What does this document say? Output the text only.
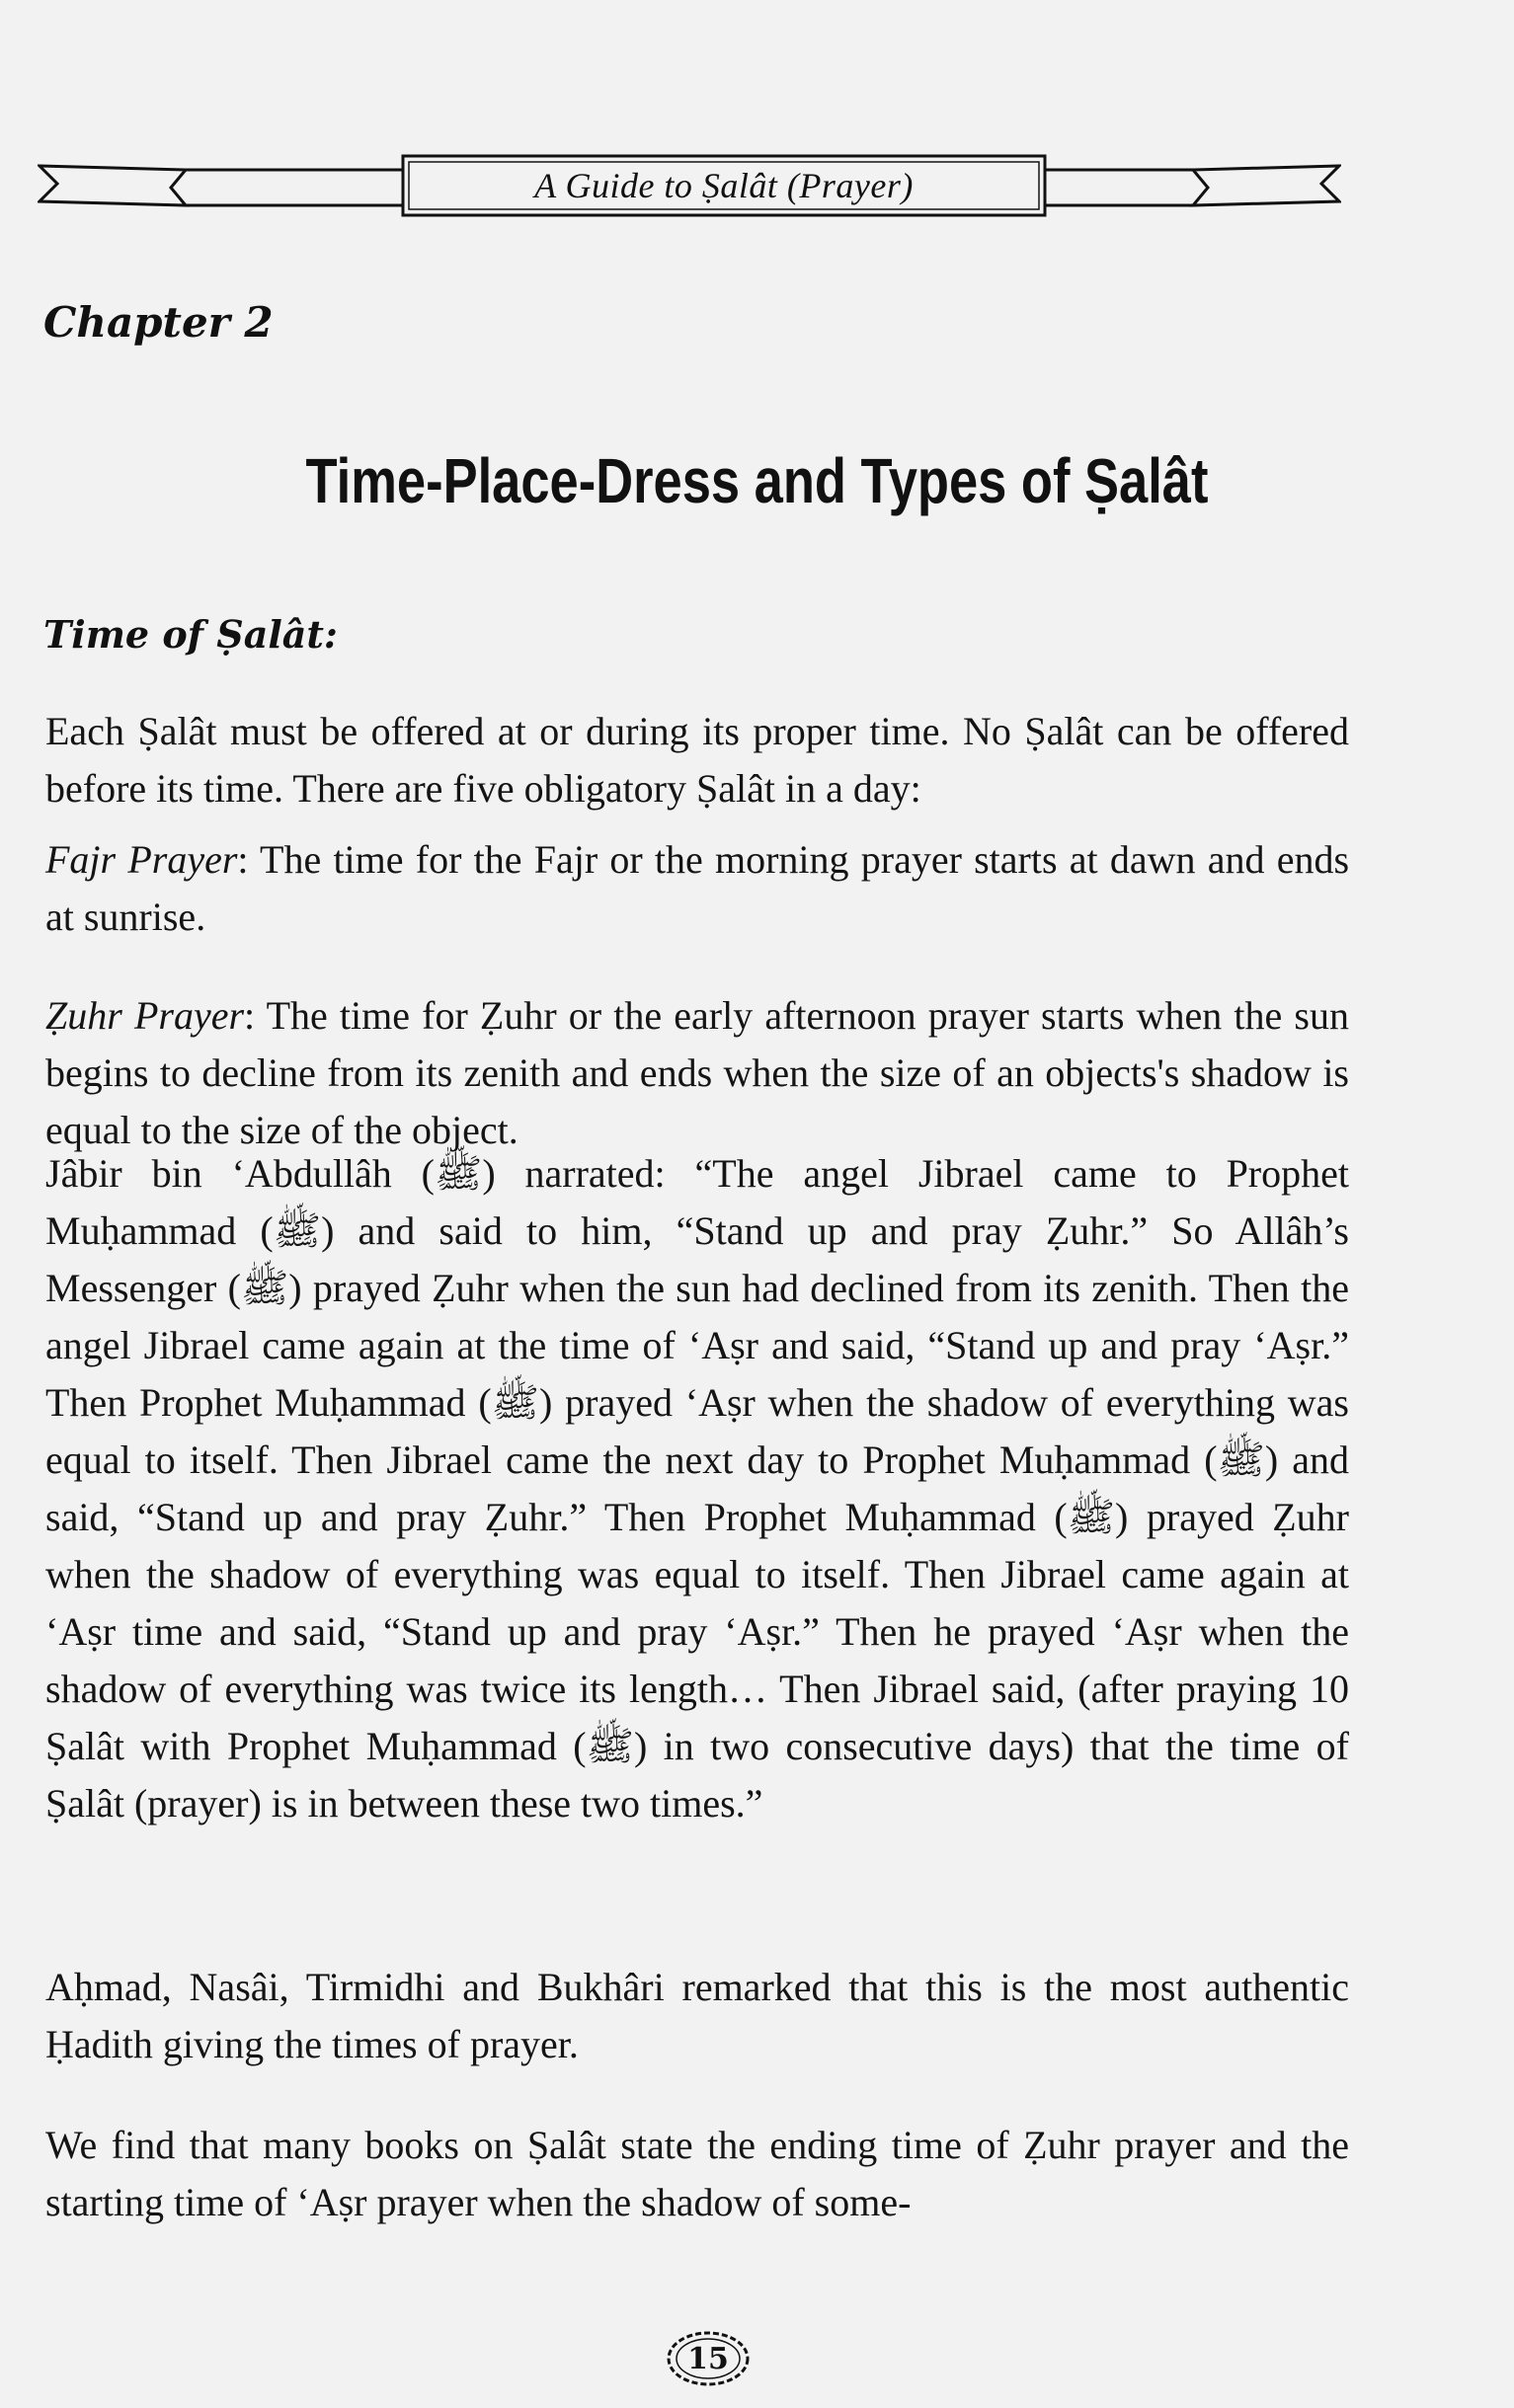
A Guide to Ṣalât (Prayer)
Chapter 2
Time-Place-Dress and Types of Ṣalât
Time of Ṣalât:
Each Ṣalât must be offered at or during its proper time. No Ṣalât can be offered before its time. There are five obligatory Ṣalât in a day:
Fajr Prayer: The time for the Fajr or the morning prayer starts at dawn and ends at sunrise.
Ẓuhr Prayer: The time for Ẓuhr or the early afternoon prayer starts when the sun begins to decline from its zenith and ends when the size of an objects's shadow is equal to the size of the object.
Jâbir bin ‘Abdullâh (ﷺ) narrated: “The angel Jibrael came to Prophet Muḥammad (ﷺ) and said to him, “Stand up and pray Ẓuhr.” So Allâh’s Messenger (ﷺ) prayed Ẓuhr when the sun had declined from its zenith. Then the angel Jibrael came again at the time of ‘Aṣr and said, “Stand up and pray ‘Aṣr.” Then Prophet Muḥammad (ﷺ) prayed ‘Aṣr when the shadow of everything was equal to itself. Then Jibrael came the next day to Prophet Muḥammad (ﷺ) and said, “Stand up and pray Ẓuhr.” Then Prophet Muḥammad (ﷺ) prayed Ẓuhr when the shadow of everything was equal to itself. Then Jibrael came again at ‘Aṣr time and said, “Stand up and pray ‘Aṣr.” Then he prayed ‘Aṣr when the shadow of everything was twice its length… Then Jibrael said, (after praying 10 Ṣalât with Prophet Muḥammad (ﷺ) in two consecutive days) that the time of Ṣalât (prayer) is in between these two times.”
Aḥmad, Nasâi, Tirmidhi and Bukhâri remarked that this is the most authentic Ḥadith giving the times of prayer.
We find that many books on Ṣalât state the ending time of Ẓuhr prayer and the starting time of ‘Aṣr prayer when the shadow of some-
15
